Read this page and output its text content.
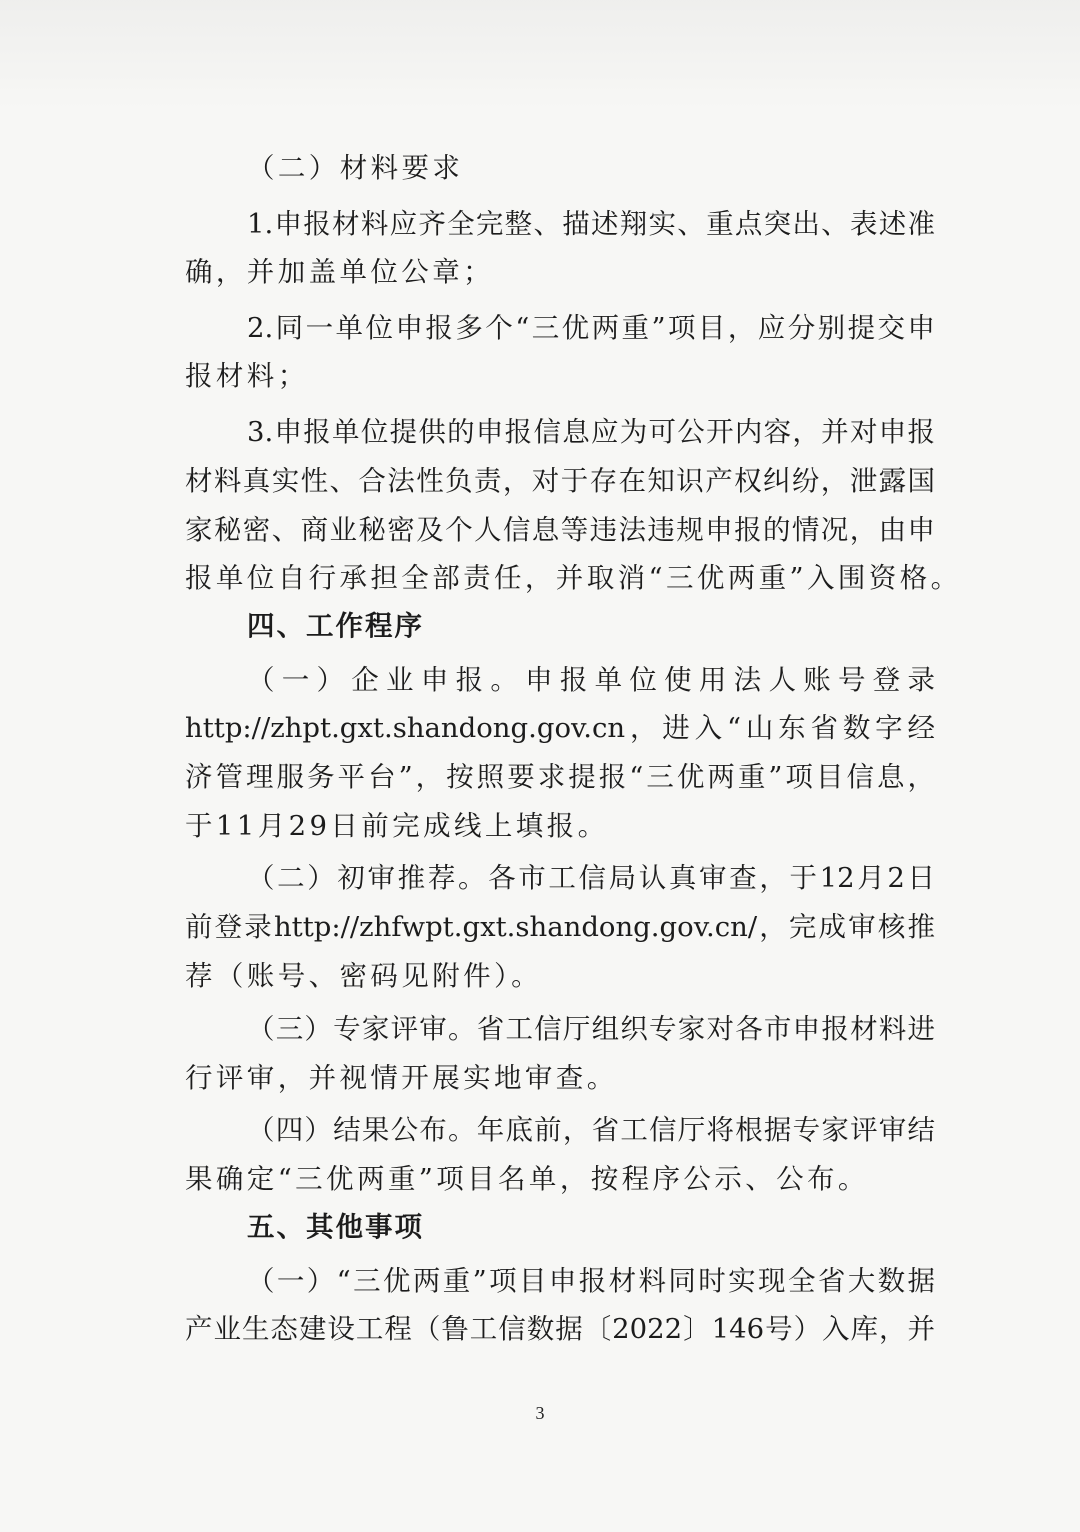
（二）材料要求
1.申报材料应齐全完整、描述翔实、重点突出、表述准
确，并加盖单位公章；
2.同一单位申报多个“三优两重”项目，应分别提交申
报材料；
3.申报单位提供的申报信息应为可公开内容，并对申报
材料真实性、合法性负责，对于存在知识产权纠纷，泄露国
家秘密、商业秘密及个人信息等违法违规申报的情况，由申
报单位自行承担全部责任，并取消“三优两重”入围资格。
四、工作程序
（一）企业申报。申报单位使用法人账号登录
http://zhpt.gxt.shandong.gov.cn，进入“山东省数字经
济管理服务平台”，按照要求提报“三优两重”项目信息，
于11月29日前完成线上填报。
（二）初审推荐。各市工信局认真审查，于12月2日
前登录http://zhfwpt.gxt.shandong.gov.cn/，完成审核推
荐（账号、密码见附件）。
（三）专家评审。省工信厅组织专家对各市申报材料进
行评审，并视情开展实地审查。
（四）结果公布。年底前，省工信厅将根据专家评审结
果确定“三优两重”项目名单，按程序公示、公布。
五、其他事项
（一）“三优两重”项目申报材料同时实现全省大数据
产业生态建设工程（鲁工信数据〔2022〕146号）入库，并
3
